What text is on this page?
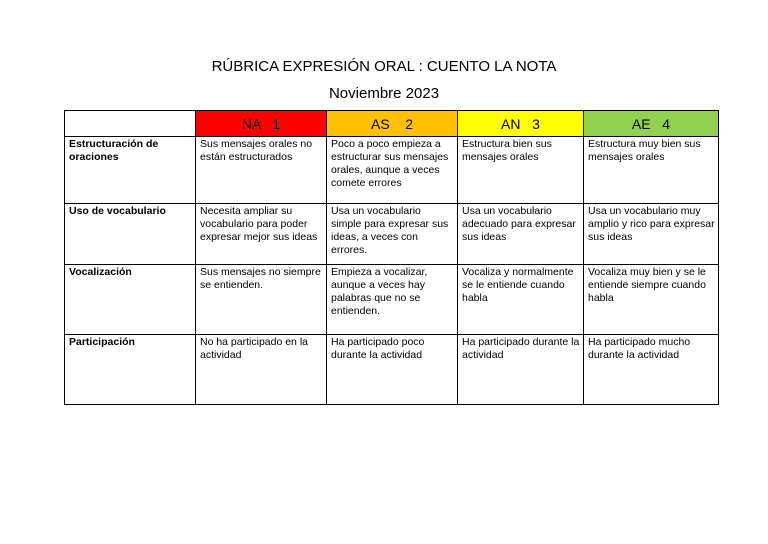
RÚBRICA EXPRESIÓN ORAL : CUENTO LA NOTA
Noviembre 2023
	NA   1	AS    2	AN   3	AE   4
Estructuración de oraciones	Sus mensajes orales no están estructurados	Poco a poco empieza a estructurar sus mensajes orales, aunque a veces comete errores	Estructura bien sus mensajes orales	Estructura muy bien sus mensajes orales
Uso de vocabulario	Necesita ampliar su vocabulario para poder expresar mejor sus ideas	Usa un vocabulario simple para expresar sus ideas, a veces con errores.	Usa un vocabulario adecuado para expresar sus ideas	Usa un vocabulario muy amplio y rico para expresar sus ideas
Vocalización	Sus mensajes no siempre se entienden.	Empieza a vocalizar, aunque a veces hay palabras que no se entienden.	Vocaliza y normalmente se le entiende cuando habla	Vocaliza muy bien y se le entiende siempre cuando habla
Participación	No ha participado en la actividad	Ha participado poco durante la actividad	Ha participado durante la actividad	Ha participado mucho durante la actividad
